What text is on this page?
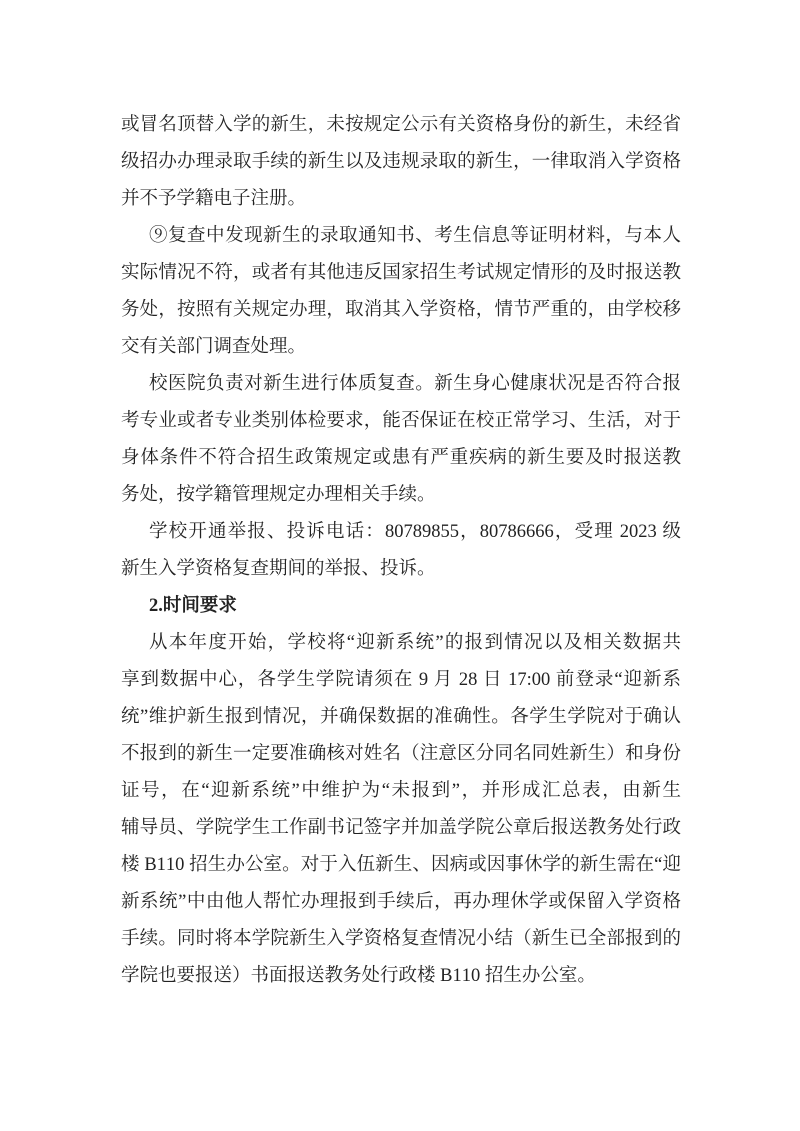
或冒名顶替入学的新生，未按规定公示有关资格身份的新生，未经省
级招办办理录取手续的新生以及违规录取的新生，一律取消入学资格
并不予学籍电子注册。
⑨复查中发现新生的录取通知书、考生信息等证明材料，与本人
实际情况不符，或者有其他违反国家招生考试规定情形的及时报送教
务处，按照有关规定办理，取消其入学资格，情节严重的，由学校移
交有关部门调查处理。
校医院负责对新生进行体质复查。新生身心健康状况是否符合报
考专业或者专业类别体检要求，能否保证在校正常学习、生活，对于
身体条件不符合招生政策规定或患有严重疾病的新生要及时报送教
务处，按学籍管理规定办理相关手续。
学校开通举报、投诉电话：80789855，80786666，受理 2023 级
新生入学资格复查期间的举报、投诉。
2.时间要求
从本年度开始，学校将“迎新系统”的报到情况以及相关数据共
享到数据中心，各学生学院请须在 9 月 28 日 17:00 前登录“迎新系
统”维护新生报到情况，并确保数据的准确性。各学生学院对于确认
不报到的新生一定要准确核对姓名（注意区分同名同姓新生）和身份
证号，在“迎新系统”中维护为“未报到”，并形成汇总表，由新生
辅导员、学院学生工作副书记签字并加盖学院公章后报送教务处行政
楼 B110 招生办公室。对于入伍新生、因病或因事休学的新生需在“迎
新系统”中由他人帮忙办理报到手续后，再办理休学或保留入学资格
手续。同时将本学院新生入学资格复查情况小结（新生已全部报到的
学院也要报送）书面报送教务处行政楼 B110 招生办公室。
